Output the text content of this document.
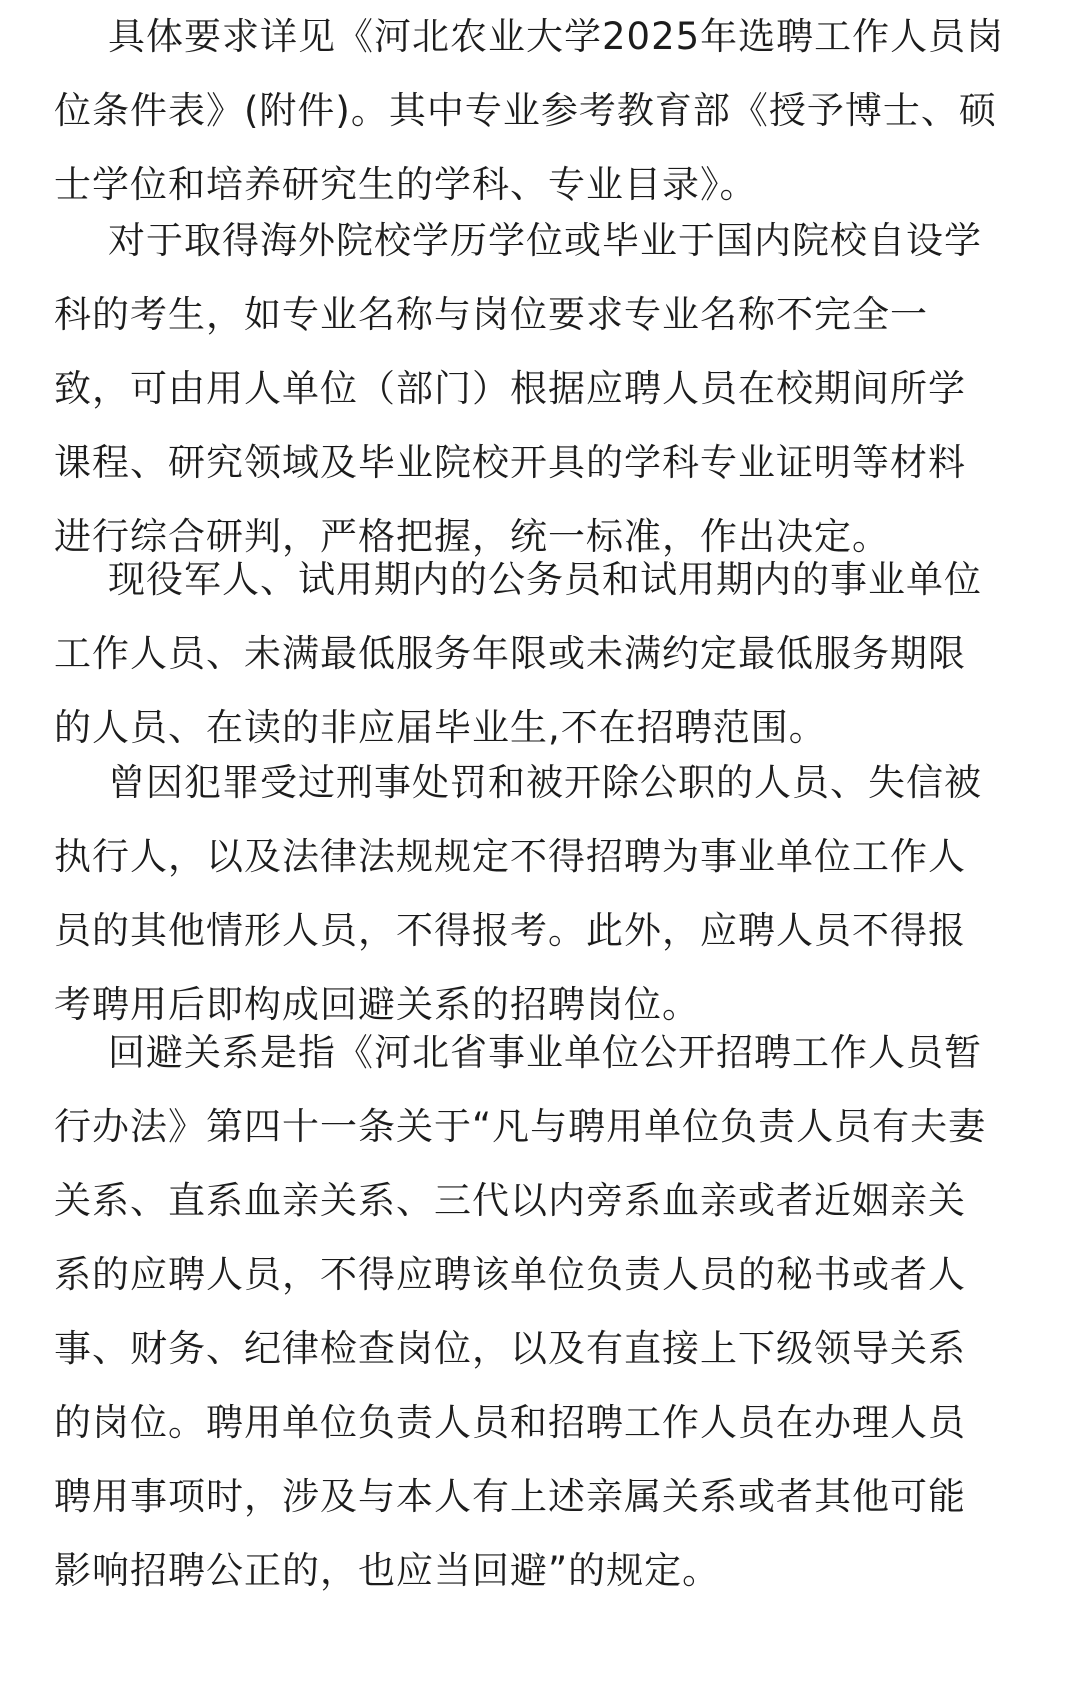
具体要求详见《河北农业大学2025年选聘工作人员岗
位条件表》(附件)。其中专业参考教育部《授予博士、硕
士学位和培养研究生的学科、专业目录》。
对于取得海外院校学历学位或毕业于国内院校自设学
科的考生，如专业名称与岗位要求专业名称不完全一
致，可由用人单位（部门）根据应聘人员在校期间所学
课程、研究领域及毕业院校开具的学科专业证明等材料
进行综合研判，严格把握，统一标准，作出决定。
现役军人、试用期内的公务员和试用期内的事业单位
工作人员、未满最低服务年限或未满约定最低服务期限
的人员、在读的非应届毕业生,不在招聘范围。
曾因犯罪受过刑事处罚和被开除公职的人员、失信被
执行人，以及法律法规规定不得招聘为事业单位工作人
员的其他情形人员，不得报考。此外，应聘人员不得报
考聘用后即构成回避关系的招聘岗位。
回避关系是指《河北省事业单位公开招聘工作人员暂
行办法》第四十一条关于“凡与聘用单位负责人员有夫妻
关系、直系血亲关系、三代以内旁系血亲或者近姻亲关
系的应聘人员，不得应聘该单位负责人员的秘书或者人
事、财务、纪律检查岗位，以及有直接上下级领导关系
的岗位。聘用单位负责人员和招聘工作人员在办理人员
聘用事项时，涉及与本人有上述亲属关系或者其他可能
影响招聘公正的，也应当回避”的规定。
